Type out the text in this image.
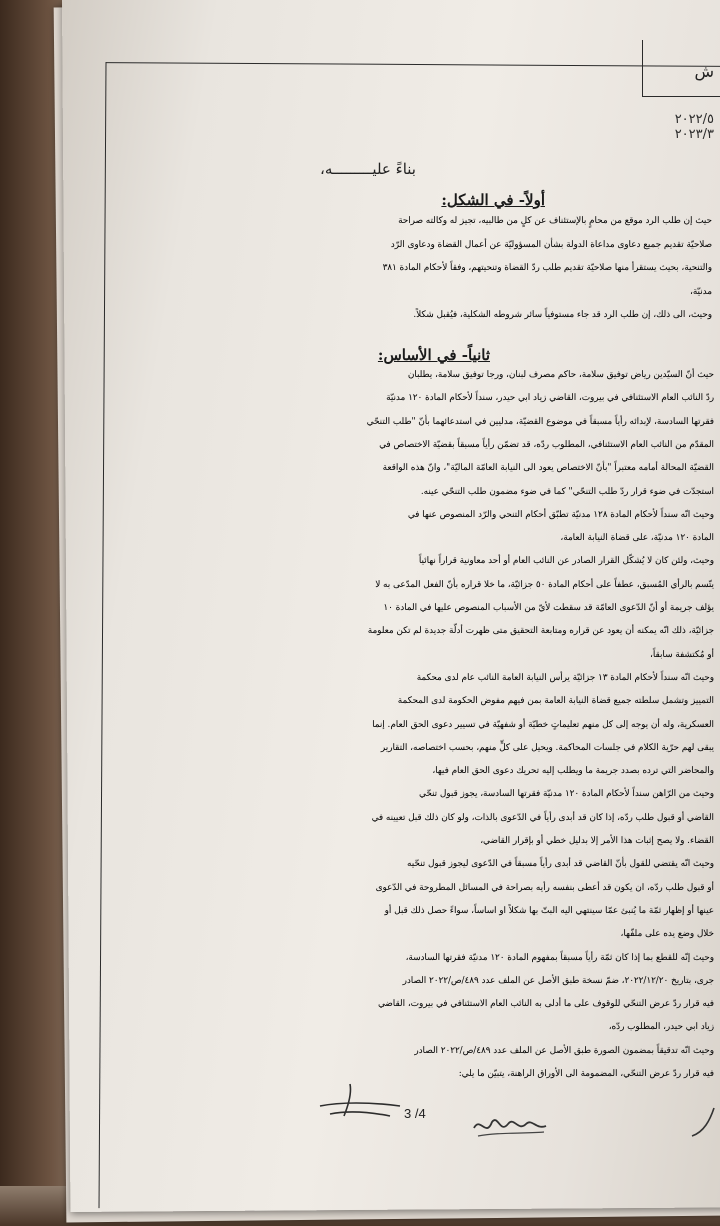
ش
٢٠٢٢/٥
٢٠٢٣/٣
بناءً عليـــــــــه،
أولاً- في الشكل:
حيث إن طلب الرد موقع من محامٍ بالإستئناف عن كلٍ من طالبيه، تجيز له وكالته صراحة
صلاحيّة تقديم جميع دعاوى مداعاة الدولة بشأن المسؤوليّة عن أعمال القضاة ودعاوى الرّد
والتنحية، بحيث يستقرأ منها صلاحيّة تقديم طلب ردّ القضاة وتنحيتهم، وفقاً لأحكام المادة ٣٨١
مدنيّة،
وحيث، الى ذلك، إن طلب الرد قد جاء مستوفياً سائر شروطه الشكلية، فيُقبل شكلاً.
ثانياً- في الأساس:
حيث أنّ السيّدين رياض توفيق سلامة، حاكم مصرف لبنان، ورجا توفيق سلامة، يطلبان
ردّ النائب العام الاستئنافي في بيروت، القاضي زياد ابي حيدر، سنداً لأحكام المادة ١٢٠ مدنيّة
فقرتها السادسة، لإبدائه رأياً مسبقاً في موضوع القضيّة، مدليين في استدعائهما بأنّ "طلب التنحّي
المقدّم من النائب العام الاستئنافي، المطلوب ردّه، قد تضمّن رأياً مسبقاً بقضيّة الاختصاص في
القضيّة المحالة أمامه معتبراً "بأنّ الاختصاص يعود الى النيابة العامّة الماليّة"، وانّ هذه الواقعة
استجدّت في ضوء قرار ردّ طلب التنحّي" كما في ضوء مضمون طلب التنحّي عينه.
وحيث انّه سنداً لأحكام المادة ١٢٨ مدنيّة تطبّق أحكام التنحي والرّد المنصوص عنها في
المادة ١٢٠ مدنيّة، على قضاة النيابة العامة،
وحيث، ولئن كان لا يُشكّل القرار الصادر عن النائب العام أو أحد معاونية قراراً نهائياً
يتّسم بالرأي المُسبق، عطفاً على أحكام المادة ٥٠ جزائيّة، ما خلا قراره بأنّ الفعل المدّعى به لا
يؤلف جريمة أو أنّ الدّعوى العامّة قد سقطت لأيّ من الأسباب المنصوص عليها في المادة ١٠
جزائيّة، ذلك انّه يمكنه أن يعود عن قراره ومتابعة التحقيق متى ظهرت أدلّة جديدة لم تكن معلومة
أو مُكتشفة سابقاً،
وحيث انّه سنداً لأحكام المادة ١٣ جزائيّة يرأس النيابة العامة النائب عام لدى محكمة
التمييز وتشمل سلطته جميع قضاة النيابة العامة بمن فيهم مفوض الحكومة لدى المحكمة
العسكرية، وله أن يوجه إلى كل منهم تعليماتٍ خطيّة أو شفهيّة في تسيير دعوى الحق العام. إنما
يبقى لهم حرّية الكلام في جلسات المحاكمة. ويحيل على كلٍّ منهم، بحسب اختصاصه، التقارير
والمحاضر التي ترده بصدد جريمة ما ويطلب إليه تحريك دعوى الحق العام فيها،
وحيث من الرّاهن سنداً لأحكام المادة ١٢٠ مدنيّة فقرتها السادسة، يجوز قبول تنحّي
القاضي أو قبول طلب ردّه، إذا كان قد أبدى رأياً في الدّعوى بالذات، ولو كان ذلك قبل تعيينه في
القضاء. ولا يصح إثبات هذا الأمر إلا بدليل خطي أو بإقرار القاضي،
وحيث انّه يقتضي للقول بأنّ القاضي قد أبدى رأياً مسبقاً في الدّعوى ليجوز قبول تنحّيه
أو قبول طلب ردّه، ان يكون قد أعطى بنفسه رأيه بصراحة في المسائل المطروحة في الدّعوى
عينها أو إظهار ثمّة ما يُنبئ عمّا سينتهي اليه البتّ بها شكلاً او اساساً، سواءً حصل ذلك قبل أو
خلال وضع يده على ملفّها،
وحيث إنّه للقطع بما إذا كان ثمّة رأياً مسبقاً بمفهوم المادة ١٢٠ مدنيّة فقرتها السادسة،
جرى، بتاريخ ٢٠٢٢/١٢/٢٠، ضمّ نسخة طبق الأصل عن الملف عدد ٤٨٩/ص/٢٠٢٢ الصادر
فيه قرار ردّ عرض التنحّي للوقوف على ما أدلى به النائب العام الاستئنافي في بيروت، القاضي
زياد ابي حيدر، المطلوب ردّه،
وحيث انّه تدقيقاً بمضمون الصورة طبق الأصل عن الملف عدد ٤٨٩/ص/٢٠٢٢ الصادر
فيه قرار ردّ عرض التنحّي، المضمومة الى الأوراق الراهنة، يتبيّن ما يلي:
3 /4
